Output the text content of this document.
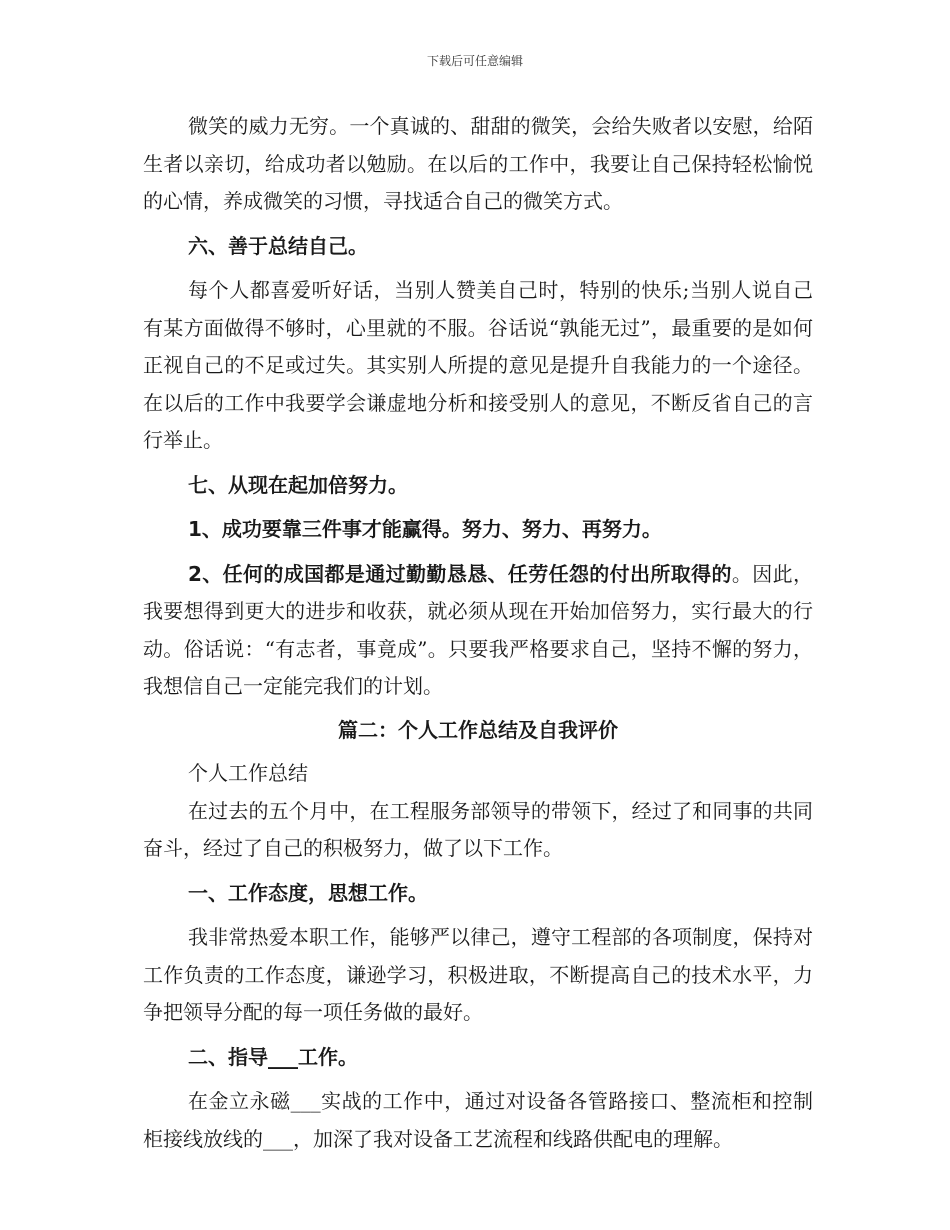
下载后可任意编辑

微笑的威力无穷。一个真诚的、甜甜的微笑，会给失败者以安慰，给陌生者以亲切，给成功者以勉励。在以后的工作中，我要让自己保持轻松愉悦的心情，养成微笑的习惯，寻找适合自己的微笑方式。

六、善于总结自己。

每个人都喜爱听好话，当别人赞美自己时，特别的快乐;当别人说自己有某方面做得不够时，心里就的不服。谷话说“孰能无过”，最重要的是如何正视自己的不足或过失。其实别人所提的意见是提升自我能力的一个途径。在以后的工作中我要学会谦虚地分析和接受别人的意见，不断反省自己的言行举止。

七、从现在起加倍努力。

1、成功要靠三件事才能赢得。努力、努力、再努力。

2、任何的成国都是通过勤勤恳恳、任劳任怨的付出所取得的。因此，我要想得到更大的进步和收获，就必须从现在开始加倍努力，实行最大的行动。俗话说：“有志者，事竟成”。只要我严格要求自己，坚持不懈的努力，我想信自己一定能完我们的计划。

篇二：个人工作总结及自我评价

个人工作总结

在过去的五个月中，在工程服务部领导的带领下，经过了和同事的共同奋斗，经过了自己的积极努力，做了以下工作。

一、工作态度，思想工作。

我非常热爱本职工作，能够严以律己，遵守工程部的各项制度，保持对工作负责的工作态度，谦逊学习，积极进取，不断提高自己的技术水平，力争把领导分配的每一项任务做的最好。

二、指导___工作。

在金立永磁___实战的工作中，通过对设备各管路接口、整流柜和控制柜接线放线的___，加深了我对设备工艺流程和线路供配电的理解。
